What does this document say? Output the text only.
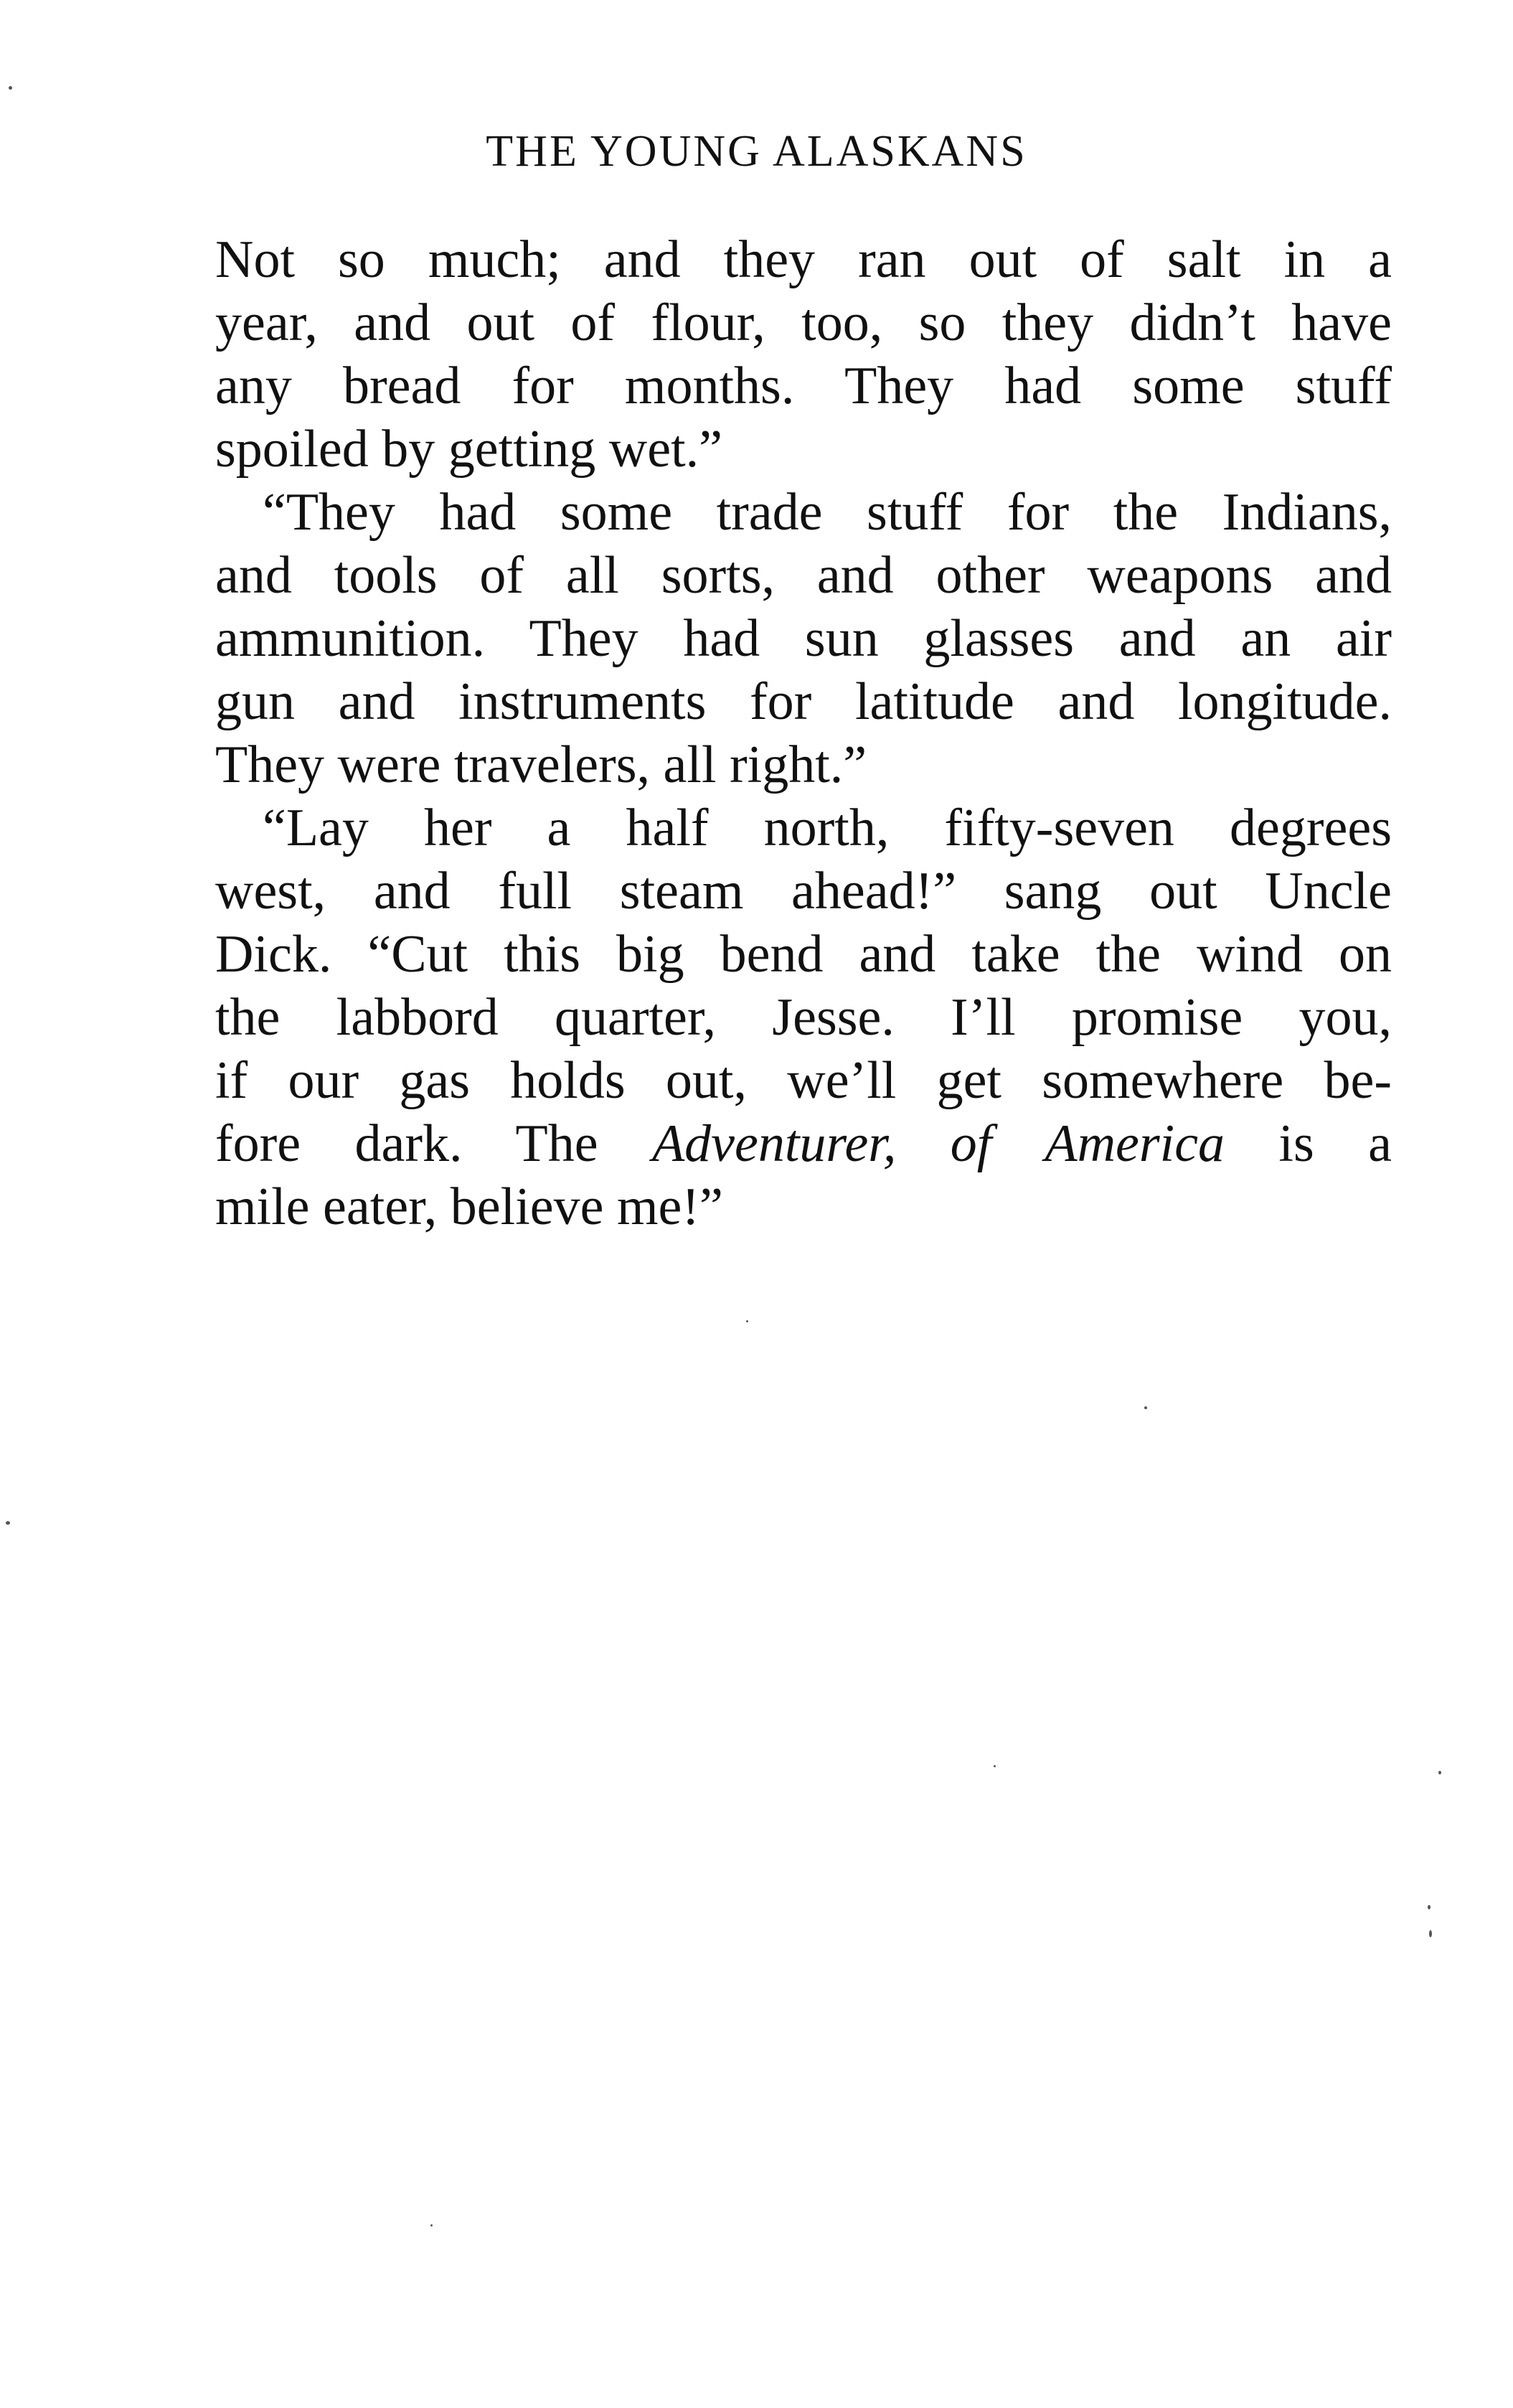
THE YOUNG ALASKANS
Not so much; and they ran out of salt in a
year, and out of flour, too, so they didn’t have
any bread for months. They had some stuff
spoiled by getting wet.”
“They had some trade stuff for the Indians,
and tools of all sorts, and other weapons and
ammunition. They had sun glasses and an air
gun and instruments for latitude and longitude.
They were travelers, all right.”
“Lay her a half north, fifty-seven degrees
west, and full steam ahead!” sang out Uncle
Dick. “Cut this big bend and take the wind on
the labbord quarter, Jesse. I’ll promise you,
if our gas holds out, we’ll get somewhere be-
fore dark. The Adventurer, of America is a
mile eater, believe me!”
